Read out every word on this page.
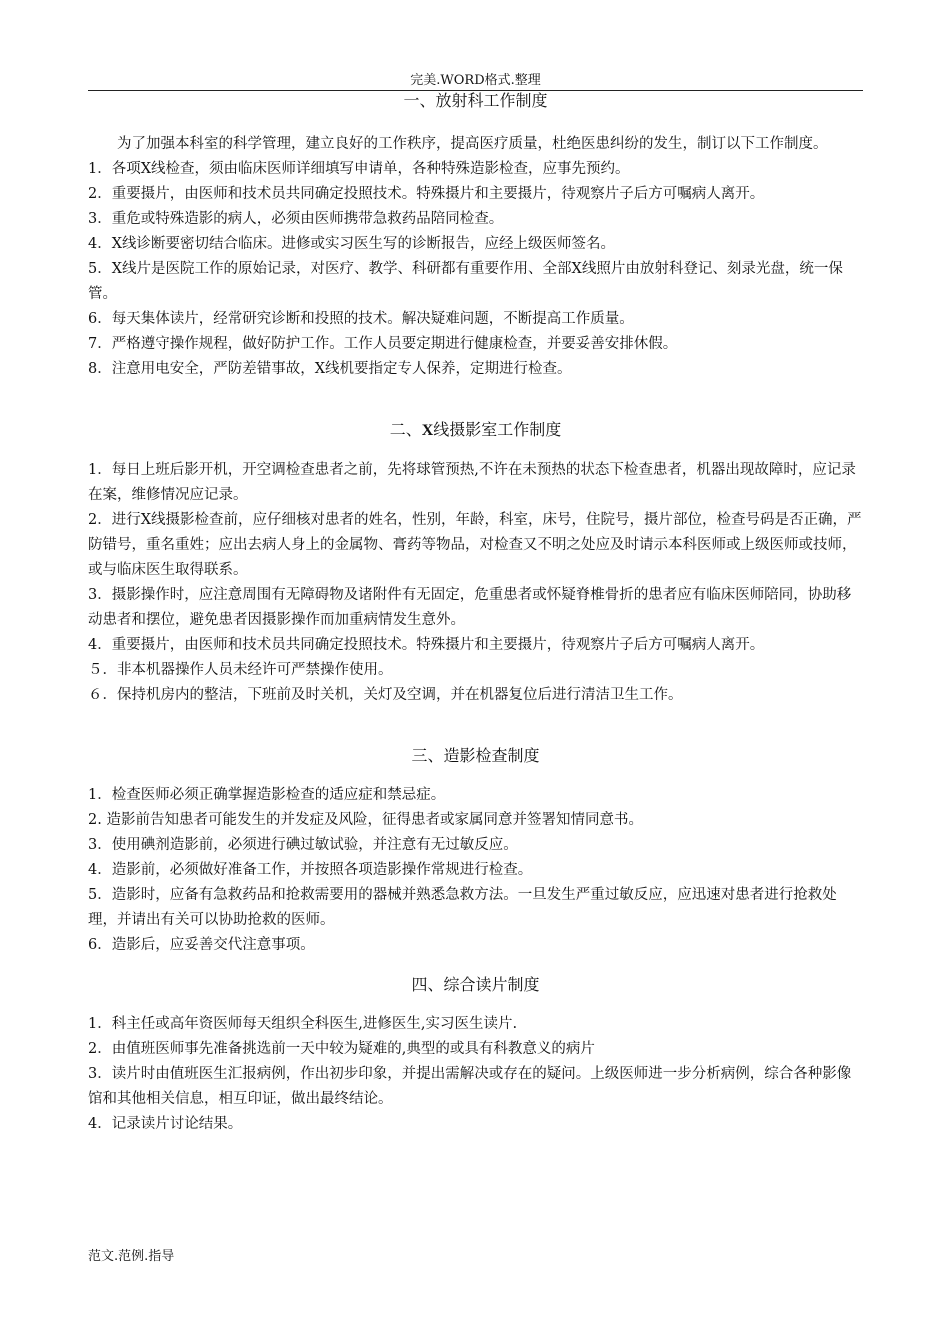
完美.WORD格式.整理
一、放射科工作制度

为了加强本科室的科学管理，建立良好的工作秩序，提高医疗质量，杜绝医患纠纷的发生，制订以下工作制度。

1．各项X线检查，须由临床医师详细填写申请单，各种特殊造影检查，应事先预约。

2．重要摄片，由医师和技术员共同确定投照技术。特殊摄片和主要摄片，待观察片子后方可嘱病人离开。

3．重危或特殊造影的病人，必须由医师携带急救药品陪同检查。

4．X线诊断要密切结合临床。进修或实习医生写的诊断报告，应经上级医师签名。

5．X线片是医院工作的原始记录，对医疗、教学、科研都有重要作用、全部X线照片由放射科登记、刻录光盘，统一保管。

6．每天集体读片，经常研究诊断和投照的技术。解决疑难问题，不断提高工作质量。

7．严格遵守操作规程，做好防护工作。工作人员要定期进行健康检查，并要妥善安排休假。

8．注意用电安全，严防差错事故，X线机要指定专人保养，定期进行检查。

二、X线摄影室工作制度

1．每日上班后影开机，开空调检查患者之前，先将球管预热,不许在未预热的状态下检查患者，机器出现故障时，应记录在案，维修情况应记录。

2．进行X线摄影检查前，应仔细核对患者的姓名，性别，年龄，科室，床号，住院号，摄片部位，检查号码是否正确，严防错号，重名重姓；应出去病人身上的金属物、膏药等物品，对检查又不明之处应及时请示本科医师或上级医师或技师，或与临床医生取得联系。

3．摄影操作时，应注意周围有无障碍物及诸附件有无固定，危重患者或怀疑脊椎骨折的患者应有临床医师陪同，协助移动患者和摆位，避免患者因摄影操作而加重病情发生意外。

4．重要摄片，由医师和技术员共同确定投照技术。特殊摄片和主要摄片，待观察片子后方可嘱病人离开。

５．非本机器操作人员未经许可严禁操作使用。

６．保持机房内的整洁，下班前及时关机，关灯及空调，并在机器复位后进行清洁卫生工作。

三、造影检查制度

1．检查医师必须正确掌握造影检查的适应症和禁忌症。

2. 造影前告知患者可能发生的并发症及风险，征得患者或家属同意并签署知情同意书。

3．使用碘剂造影前，必须进行碘过敏试验，并注意有无过敏反应。

4．造影前，必须做好准备工作，并按照各项造影操作常规进行检查。

5．造影时，应备有急救药品和抢救需要用的器械并熟悉急救方法。一旦发生严重过敏反应，应迅速对患者进行抢救处理，并请出有关可以协助抢救的医师。

6．造影后，应妥善交代注意事项。

四、综合读片制度

1．科主任或高年资医师每天组织全科医生,进修医生,实习医生读片.

2．由值班医师事先准备挑选前一天中较为疑难的,典型的或具有科教意义的病片

3．读片时由值班医生汇报病例，作出初步印象，并提出需解决或存在的疑问。上级医师进一步分析病例，综合各种影像馆和其他相关信息，相互印证，做出最终结论。

4．记录读片讨论结果。

范文.范例.指导
